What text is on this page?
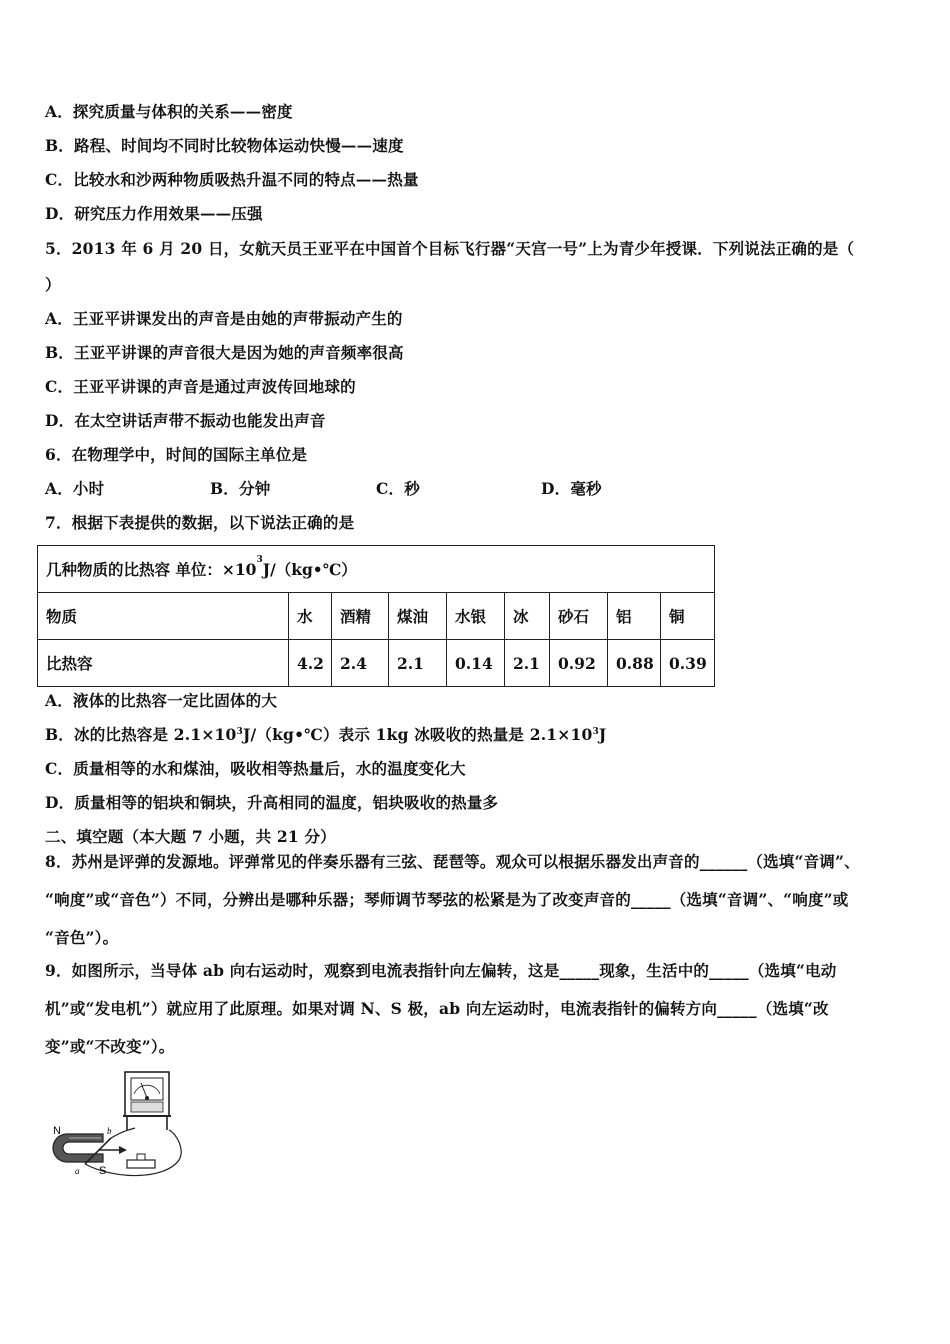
A．探究质量与体积的关系——密度
B．路程、时间均不同时比较物体运动快慢——速度
C．比较水和沙两种物质吸热升温不同的特点——热量
D．研究压力作用效果——压强
5．2013 年 6 月 20 日，女航天员王亚平在中国首个目标飞行器“天宫一号”上为青少年授课．下列说法正确的是（
）
A．王亚平讲课发出的声音是由她的声带振动产生的
B．王亚平讲课的声音很大是因为她的声音频率很高
C．王亚平讲课的声音是通过声波传回地球的
D．在太空讲话声带不振动也能发出声音
6．在物理学中，时间的国际主单位是
A．小时	B．分钟	C．秒	D．毫秒
7．根据下表提供的数据，以下说法正确的是
几种物质的比热容 单位：$\times 10^3J/(kg•℃)$								
物质	水	酒精	煤油	水银	冰	砂石	铝	铜
比热容	4.2	2.4	2.1	0.14	2.1	0.92	0.88	0.39
A．液体的比热容一定比固体的大
B．冰的比热容是 $2.1\times 10^3J/(kg•℃)$表示 1kg 冰吸收的热量是 $2.1\times 10^3J$
C．质量相等的水和煤油，吸收相等热量后，水的温度变化大
D．质量相等的铝块和铜块，升高相同的温度，铝块吸收的热量多
二、填空题（本大题 7 小题，共 21 分）
8．苏州是评弹的发源地。评弹常见的伴奏乐器有三弦、琵琶等。观众可以根据乐器发出声音的______（选填“音调”、
“响度”或“音色”）不同，分辨出是哪种乐器；琴师调节琴弦的松紧是为了改变声音的_____（选填“音调”、“响度”或
“音色”）。
9．如图所示，当导体 ab 向右运动时，观察到电流表指针向左偏转，这是_____现象，生活中的_____（选填“电动
机”或“发电机”）就应用了此原理。如果对调 N、S 极，ab 向左运动时，电流表指针的偏转方向_____（选填“改
变”或“不改变”）。
N
S
a
b
